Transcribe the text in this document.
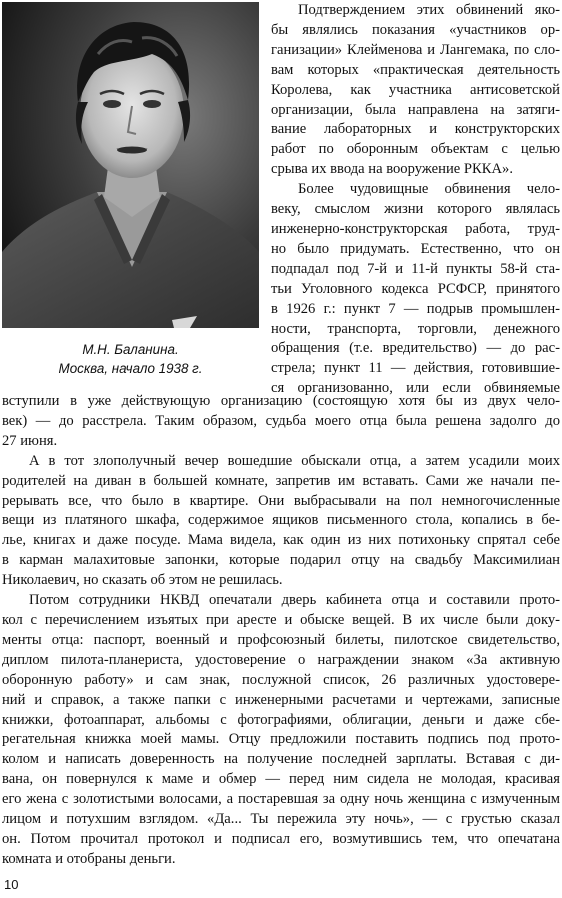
М.Н. Баланина.
Москва, начало 1938 г.
Подтверждением этих обвинений яко-
бы являлись показания «участников op-
ганизации» Клейменова и Лангемака, по сло-
вам которых «практическая деятельность
Королева, как участника антисоветской
организации, была направлена на затяги-
вание лабораторных и конструкторских
работ по оборонным объектам с целью
срыва их ввода на вооружение РККА».
Более чудовищные обвинения чело-
веку, смыслом жизни которого являлась
инженерно-конструкторская работа, труд-
но было придумать. Естественно, что он
подпадал под 7-й и 11-й пункты 58-й ста-
тьи Уголовного кодекса РСФСР, принятого
в 1926 г.: пункт 7 — подрыв промышлен-
ности, транспорта, торговли, денежного
обращения (т.е. вредительство) — до рас-
стрела; пункт 11 — действия, готовившие-
ся организованно, или если обвиняемые
вступили в уже действующую организацию (состоящую хотя бы из двух чело-
век) — до расстрела. Таким образом, судьба моего отца была решена задолго до
27 июня.
А в тот злополучный вечер вошедшие обыскали отца, а затем усадили моих
родителей на диван в большей комнате, запретив им вставать. Сами же начали пе-
рерывать все, что было в квартире. Они выбрасывали на пол немногочисленные
вещи из платяного шкафа, содержимое ящиков письменного стола, копались в бе-
лье, книгах и даже посуде. Мама видела, как один из них потихоньку спрятал себе
в карман малахитовые запонки, которые подарил отцу на свадьбу Максимилиан
Николаевич, но сказать об этом не решилась.
Потом сотрудники НКВД опечатали дверь кабинета отца и составили прото-
кол с перечислением изъятых при аресте и обыске вещей. В их числе были доку-
менты отца: паспорт, военный и профсоюзный билеты, пилотское свидетельство,
диплом пилота-планериста, удостоверение о награждении знаком «За активную
оборонную работу» и сам знак, послужной список, 26 различных удостовере-
ний и справок, а также папки с инженерными расчетами и чертежами, записные
книжки, фотоаппарат, альбомы с фотографиями, облигации, деньги и даже сбе-
регательная книжка моей мамы. Отцу предложили поставить подпись под прото-
колом и написать доверенность на получение последней зарплаты. Вставая с ди-
вана, он повернулся к маме и обмер — перед ним сидела не молодая, красивая
его жена с золотистыми волосами, а постаревшая за одну ночь женщина с измученным
лицом и потухшим взглядом. «Да... Ты пережила эту ночь», — с грустью сказал
он. Потом прочитал протокол и подписал его, возмутившись тем, что опечатана
комната и отобраны деньги.
10
